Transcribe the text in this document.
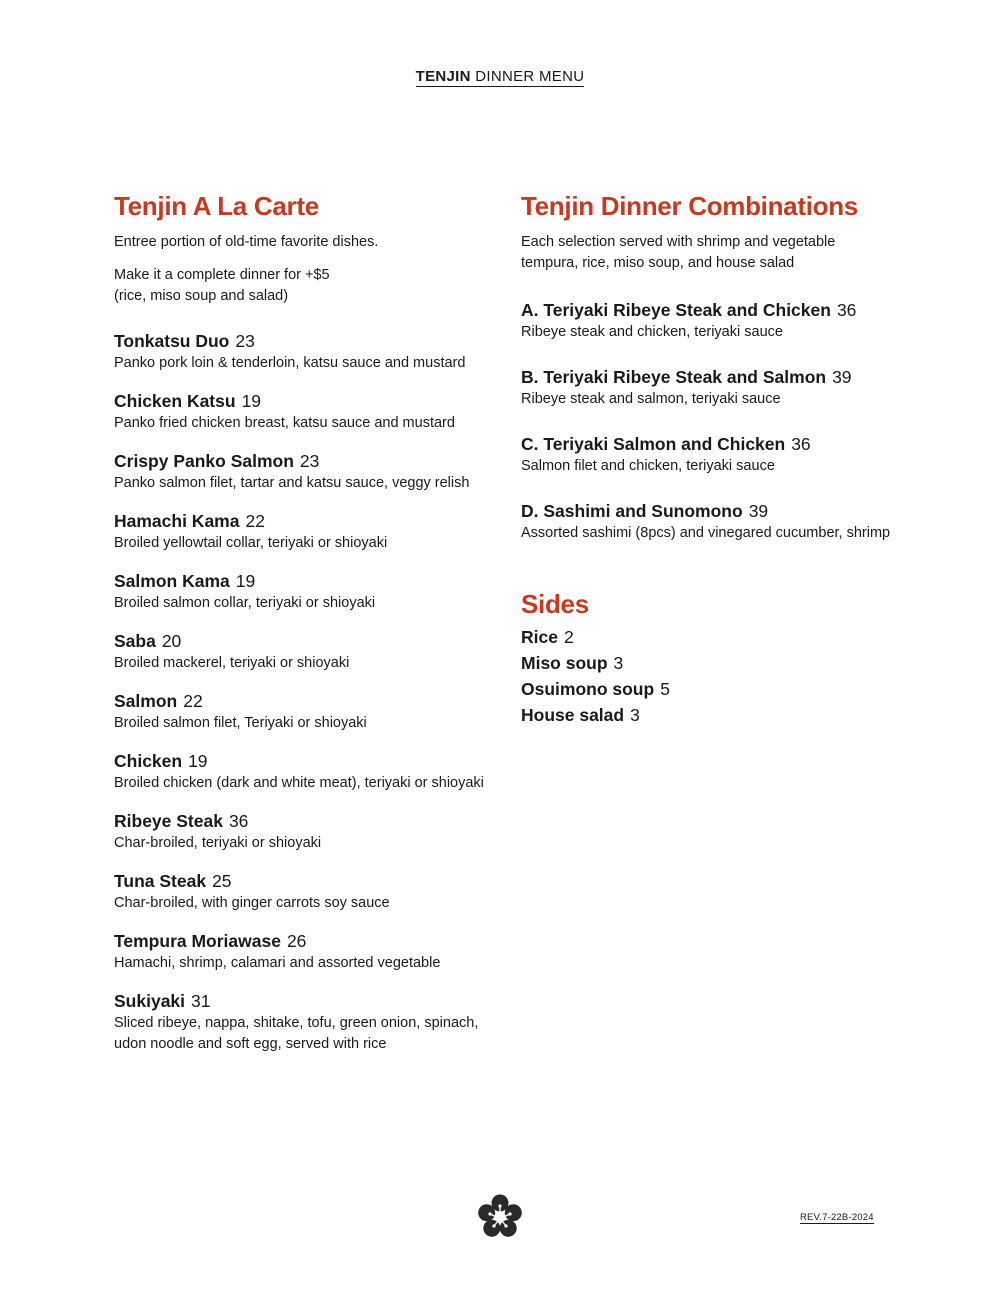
TENJIN DINNER MENU
Tenjin A La Carte

Entree portion of old-time favorite dishes.

Make it a complete dinner for +$5
(rice, miso soup and salad)

Tonkatsu Duo 23
Panko pork loin & tenderloin, katsu sauce and mustard
Chicken Katsu 19
Panko fried chicken breast, katsu sauce and mustard
Crispy Panko Salmon 23
Panko salmon filet, tartar and katsu sauce, veggy relish
Hamachi Kama 22
Broiled yellowtail collar, teriyaki or shioyaki
Salmon Kama 19
Broiled salmon collar, teriyaki or shioyaki
Saba 20
Broiled mackerel, teriyaki or shioyaki
Salmon 22
Broiled salmon filet, Teriyaki or shioyaki
Chicken 19
Broiled chicken (dark and white meat), teriyaki or shioyaki
Ribeye Steak 36
Char-broiled, teriyaki or shioyaki
Tuna Steak 25
Char-broiled, with ginger carrots soy sauce
Tempura Moriawase 26
Hamachi, shrimp, calamari and assorted vegetable
Sukiyaki 31
Sliced ribeye, nappa, shitake, tofu, green onion, spinach,
udon noodle and soft egg, served with rice
Tenjin Dinner Combinations

Each selection served with shrimp and vegetable
tempura, rice, miso soup, and house salad

A. Teriyaki Ribeye Steak and Chicken 36
Ribeye steak and chicken, teriyaki sauce
B. Teriyaki Ribeye Steak and Salmon 39
Ribeye steak and salmon, teriyaki sauce
C. Teriyaki Salmon and Chicken 36
Salmon filet and chicken, teriyaki sauce
D. Sashimi and Sunomono 39
Assorted sashimi (8pcs) and vinegared cucumber, shrimp
Sides
Rice 2
Miso soup 3
Osuimono soup 5
House salad 3
REV.7-22B-2024
